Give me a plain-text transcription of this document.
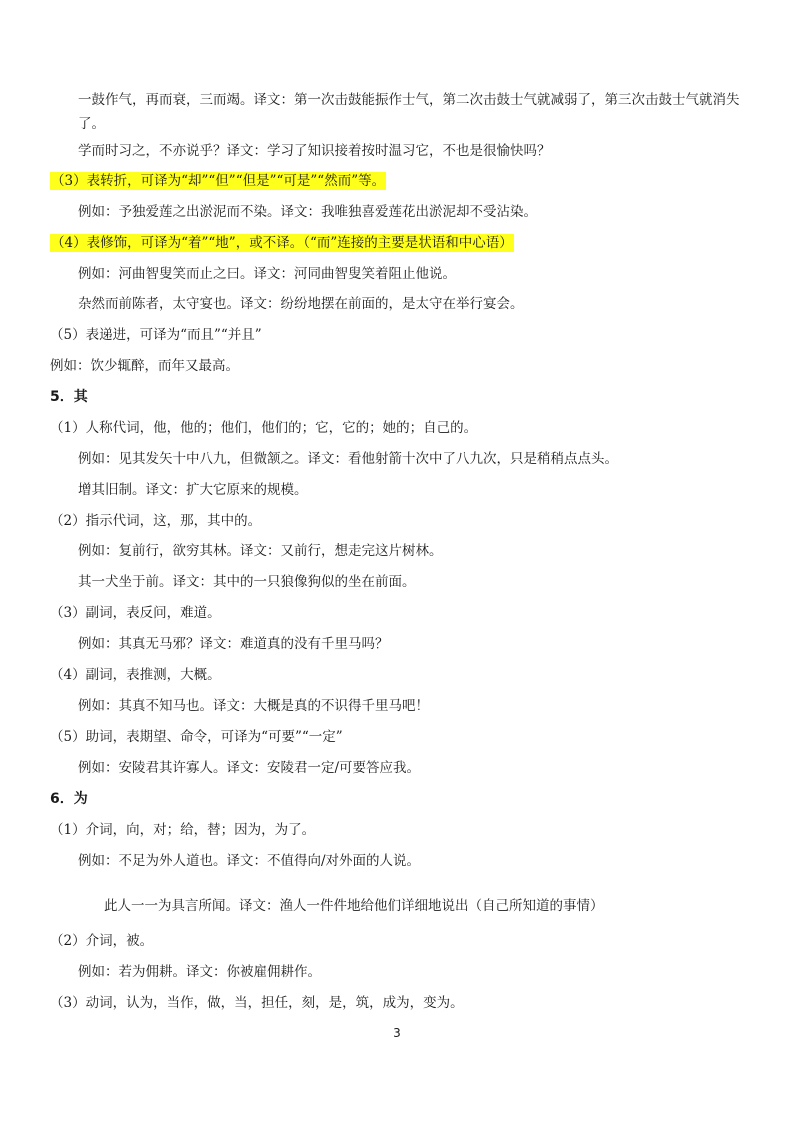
一鼓作气，再而衰，三而竭。译文：第一次击鼓能振作士气，第二次击鼓士气就减弱了，第三次击鼓士气就消失了。
学而时习之，不亦说乎？译文：学习了知识接着按时温习它，不也是很愉快吗？
（3）表转折，可译为“却”“但”“但是”“可是”“然而”等。
例如：予独爱莲之出淤泥而不染。译文：我唯独喜爱莲花出淤泥却不受沾染。
（4）表修饰，可译为“着”“地”，或不译。（“而”连接的主要是状语和中心语）
例如：河曲智叟笑而止之曰。译文：河同曲智叟笑着阻止他说。
杂然而前陈者，太守宴也。译文：纷纷地摆在前面的，是太守在举行宴会。
（5）表递进，可译为“而且”“并且”
例如：饮少辄醉，而年又最高。
5．其
（1）人称代词，他，他的；他们，他们的；它，它的；她的；自己的。
例如：见其发矢十中八九，但微颔之。译文：看他射箭十次中了八九次，只是稍稍点点头。
增其旧制。译文：扩大它原来的规模。
（2）指示代词，这，那，其中的。
例如：复前行，欲穷其林。译文：又前行，想走完这片树林。
其一犬坐于前。译文：其中的一只狼像狗似的坐在前面。
（3）副词，表反问，难道。
例如：其真无马邪？译文：难道真的没有千里马吗？
（4）副词，表推测，大概。
例如：其真不知马也。译文：大概是真的不识得千里马吧！
（5）助词，表期望、命令，可译为“可要”“一定”
例如：安陵君其许寡人。译文：安陵君一定/可要答应我。
6．为
（1）介词，向，对；给，替；因为，为了。
例如：不足为外人道也。译文：不值得向/对外面的人说。
此人一一为具言所闻。译文：渔人一件件地给他们详细地说出（自己所知道的事情）
（2）介词，被。
例如：若为佣耕。译文：你被雇佣耕作。
（3）动词，认为，当作，做，当，担任，刻，是，筑，成为，变为。
3
